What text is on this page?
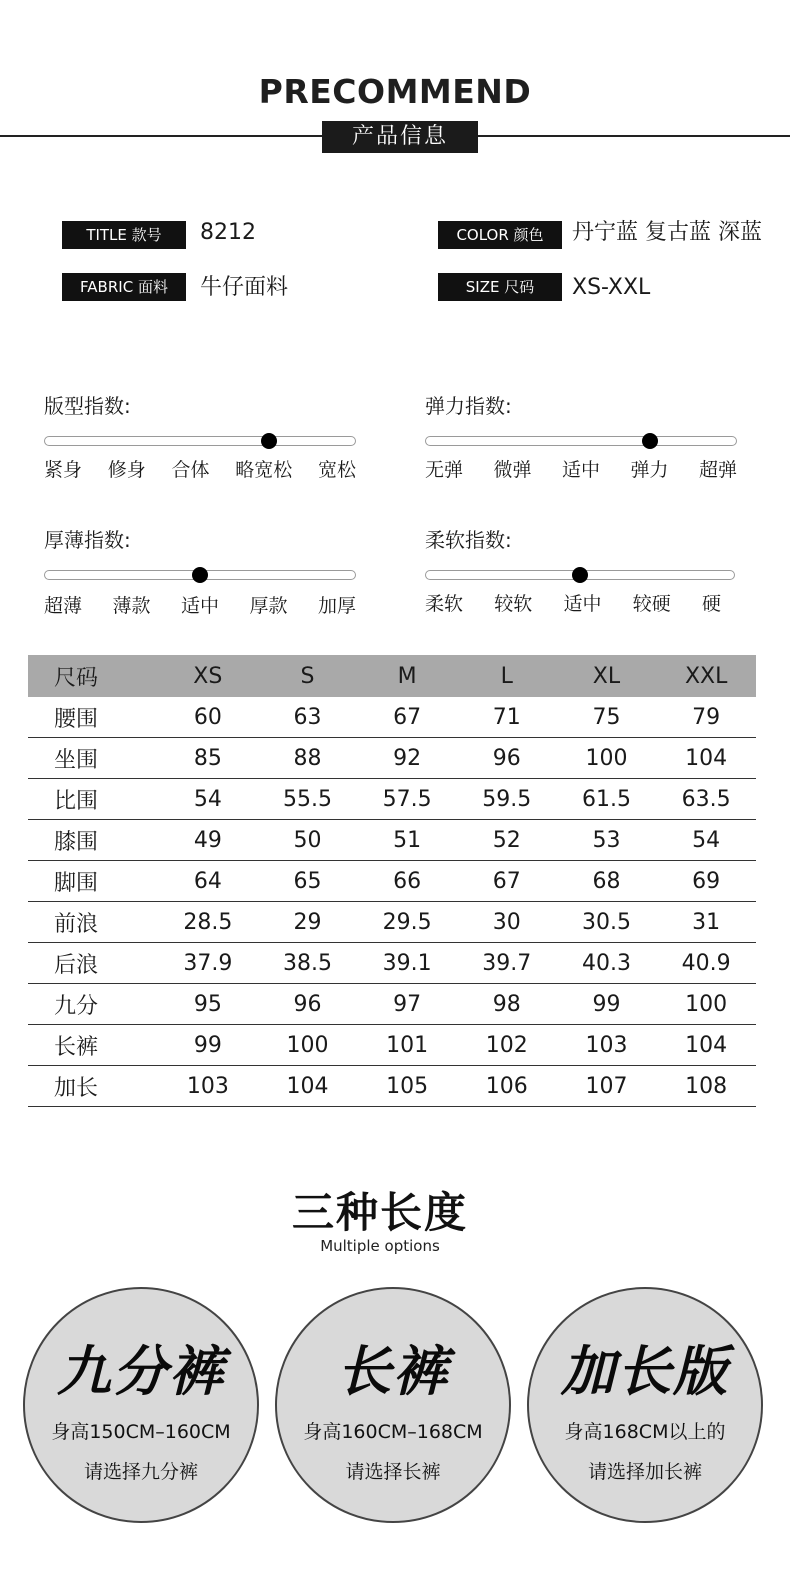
PRECOMMEND
产品信息
TITLE 款号	8212
FABRIC 面料	牛仔面料
COLOR 颜色	丹宁蓝 复古蓝 深蓝
SIZE 尺码	XS-XXL
版型指数:
紧身 修身 合体 略宽松 宽松
弹力指数:
无弹 微弹 适中 弹力 超弹
厚薄指数:
超薄 薄款 适中 厚款 加厚
柔软指数:
柔软 较软 适中 较硬 硬
尺码	XS	S	M	L	XL	XXL
腰围	60	63	67	71	75	79
坐围	85	88	92	96	100	104
比围	54	55.5	57.5	59.5	61.5	63.5
膝围	49	50	51	52	53	54
脚围	64	65	66	67	68	69
前浪	28.5	29	29.5	30	30.5	31
后浪	37.9	38.5	39.1	39.7	40.3	40.9
九分	95	96	97	98	99	100
长裤	99	100	101	102	103	104
加长	103	104	105	106	107	108
三种长度
Multiple options
九分裤
身高150CM–160CM
请选择九分裤
长裤
身高160CM–168CM
请选择长裤
加长版
身高168CM以上的
请选择加长裤
